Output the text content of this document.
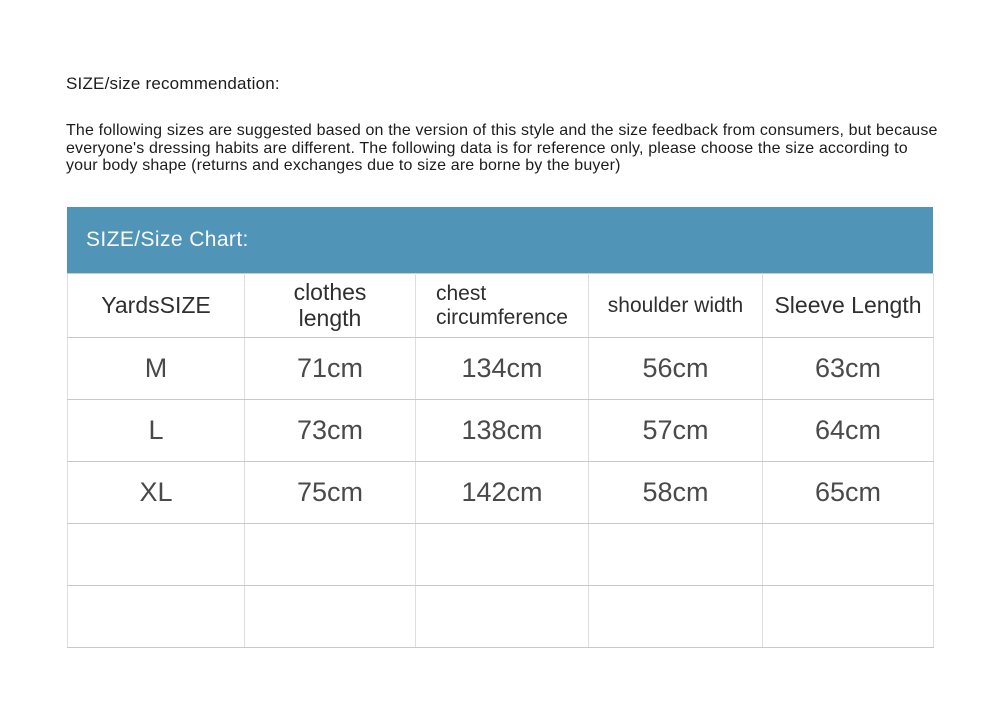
SIZE/size recommendation:
The following sizes are suggested based on the version of this style and the size feedback from consumers, but because everyone's dressing habits are different. The following data is for reference only, please choose the size according to your body shape (returns and exchanges due to size are borne by the buyer)
SIZE/Size Chart:
YardsSIZE	clothes length	chest circumference	shoulder width	Sleeve Length
M	71cm	134cm	56cm	63cm
L	73cm	138cm	57cm	64cm
XL	75cm	142cm	58cm	65cm
